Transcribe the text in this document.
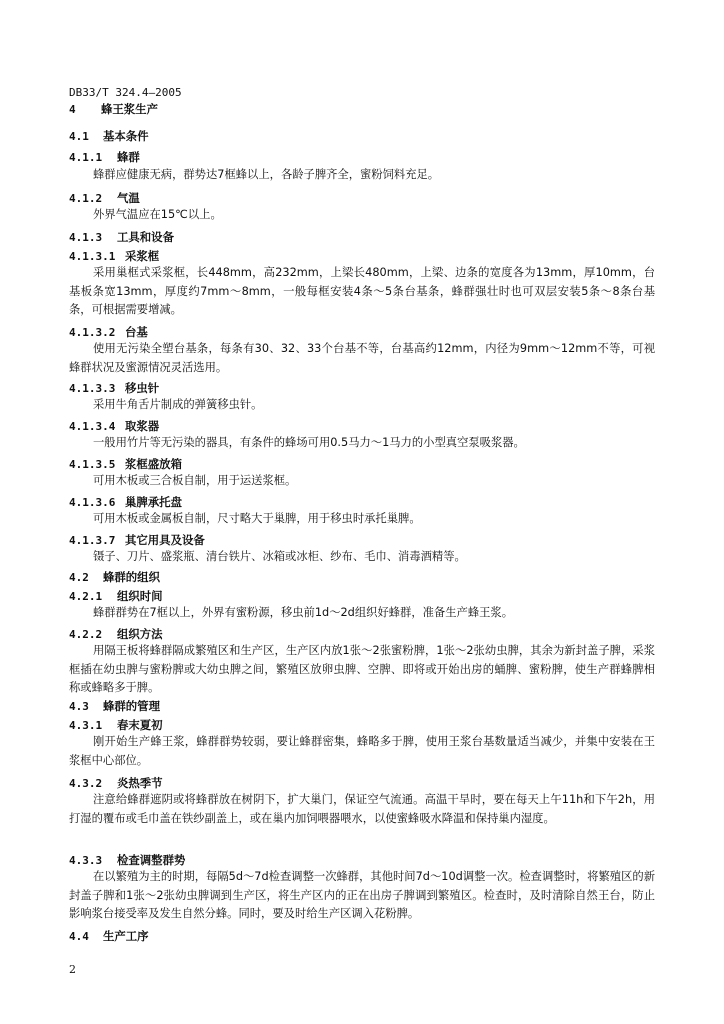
DB33/T 324.4—2005
4 蜂王浆生产
4.1 基本条件
4.1.1 蜂群
蜂群应健康无病，群势达7框蜂以上，各龄子脾齐全，蜜粉饲料充足。
4.1.2 气温
外界气温应在15℃以上。
4.1.3 工具和设备
4.1.3.1 采浆框
采用巢框式采浆框，长448mm，高232mm，上梁长480mm，上梁、边条的宽度各为13mm，厚10mm，台基板条宽13mm，厚度约7mm～8mm，一般每框安装4条～5条台基条，蜂群强壮时也可双层安装5条～8条台基条，可根据需要增减。
4.1.3.2 台基
使用无污染全塑台基条，每条有30、32、33个台基不等，台基高约12mm，内径为9mm～12mm不等，可视蜂群状况及蜜源情况灵活选用。
4.1.3.3 移虫针
采用牛角舌片制成的弹簧移虫针。
4.1.3.4 取浆器
一般用竹片等无污染的器具，有条件的蜂场可用0.5马力～1马力的小型真空泵吸浆器。
4.1.3.5 浆框盛放箱
可用木板或三合板自制，用于运送浆框。
4.1.3.6 巢脾承托盘
可用木板或金属板自制，尺寸略大于巢脾，用于移虫时承托巢脾。
4.1.3.7 其它用具及设备
镊子、刀片、盛浆瓶、清台铁片、冰箱或冰柜、纱布、毛巾、消毒酒精等。
4.2 蜂群的组织
4.2.1 组织时间
蜂群群势在7框以上，外界有蜜粉源，移虫前1d～2d组织好蜂群，准备生产蜂王浆。
4.2.2 组织方法
用隔王板将蜂群隔成繁殖区和生产区，生产区内放1张～2张蜜粉脾，1张～2张幼虫脾，其余为新封盖子脾，采浆框插在幼虫脾与蜜粉脾或大幼虫脾之间，繁殖区放卵虫脾、空脾、即将或开始出房的蛹脾、蜜粉脾，使生产群蜂脾相称或蜂略多于脾。
4.3 蜂群的管理
4.3.1 春末夏初
刚开始生产蜂王浆，蜂群群势较弱，要让蜂群密集，蜂略多于脾，使用王浆台基数量适当减少，并集中安装在王浆框中心部位。
4.3.2 炎热季节
注意给蜂群遮阴或将蜂群放在树阴下，扩大巢门，保证空气流通。高温干旱时，要在每天上午11h和下午2h，用打湿的覆布或毛巾盖在铁纱副盖上，或在巢内加饲喂器喂水，以使蜜蜂吸水降温和保持巢内湿度。
4.3.3 检查调整群势
在以繁殖为主的时期，每隔5d～7d检查调整一次蜂群，其他时间7d～10d调整一次。检查调整时，将繁殖区的新封盖子脾和1张～2张幼虫脾调到生产区，将生产区内的正在出房子脾调到繁殖区。检查时，及时清除自然王台，防止影响浆台接受率及发生自然分蜂。同时，要及时给生产区调入花粉脾。
4.4 生产工序
2
